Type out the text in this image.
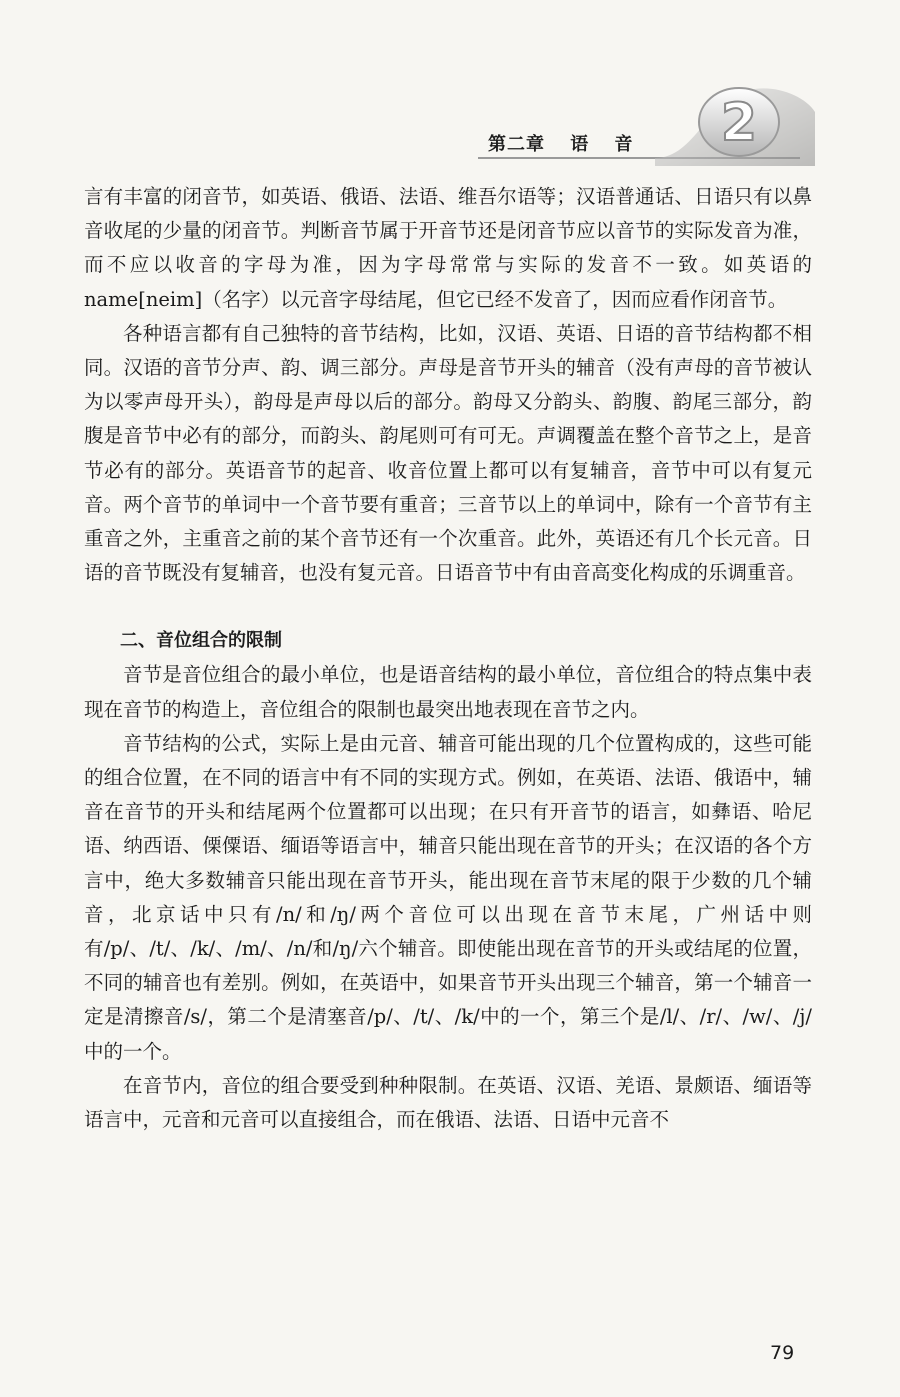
第二章 语 音 2

言有丰富的闭音节，如英语、俄语、法语、维吾尔语等；汉语普通话、日语只有以鼻音收尾的少量的闭音节。判断音节属于开音节还是闭音节应以音节的实际发音为准，而不应以收音的字母为准，因为字母常常与实际的发音不一致。如英语的 name[neim]（名字）以元音字母结尾，但它已经不发音了，因而应看作闭音节。

各种语言都有自己独特的音节结构，比如，汉语、英语、日语的音节结构都不相同。汉语的音节分声、韵、调三部分。声母是音节开头的辅音（没有声母的音节被认为以零声母开头），韵母是声母以后的部分。韵母又分韵头、韵腹、韵尾三部分，韵腹是音节中必有的部分，而韵头、韵尾则可有可无。声调覆盖在整个音节之上，是音节必有的部分。英语音节的起音、收音位置上都可以有复辅音，音节中可以有复元音。两个音节的单词中一个音节要有重音；三音节以上的单词中，除有一个音节有主重音之外，主重音之前的某个音节还有一个次重音。此外，英语还有几个长元音。日语的音节既没有复辅音，也没有复元音。日语音节中有由音高变化构成的乐调重音。

二、音位组合的限制

音节是音位组合的最小单位，也是语音结构的最小单位，音位组合的特点集中表现在音节的构造上，音位组合的限制也最突出地表现在音节之内。

音节结构的公式，实际上是由元音、辅音可能出现的几个位置构成的，这些可能的组合位置，在不同的语言中有不同的实现方式。例如，在英语、法语、俄语中，辅音在音节的开头和结尾两个位置都可以出现；在只有开音节的语言，如彝语、哈尼语、纳西语、傈僳语、缅语等语言中，辅音只能出现在音节的开头；在汉语的各个方言中，绝大多数辅音只能出现在音节开头，能出现在音节末尾的限于少数的几个辅音，北京话中只有/n/和/ŋ/两个音位可以出现在音节末尾，广州话中则有/p/、/t/、/k/、/m/、/n/和/ŋ/六个辅音。即使能出现在音节的开头或结尾的位置，不同的辅音也有差别。例如，在英语中，如果音节开头出现三个辅音，第一个辅音一定是清擦音/s/，第二个是清塞音/p/、/t/、/k/中的一个，第三个是/l/、/r/、/w/、/j/中的一个。

在音节内，音位的组合要受到种种限制。在英语、汉语、羌语、景颇语、缅语等语言中，元音和元音可以直接组合，而在俄语、法语、日语中元音不

79
